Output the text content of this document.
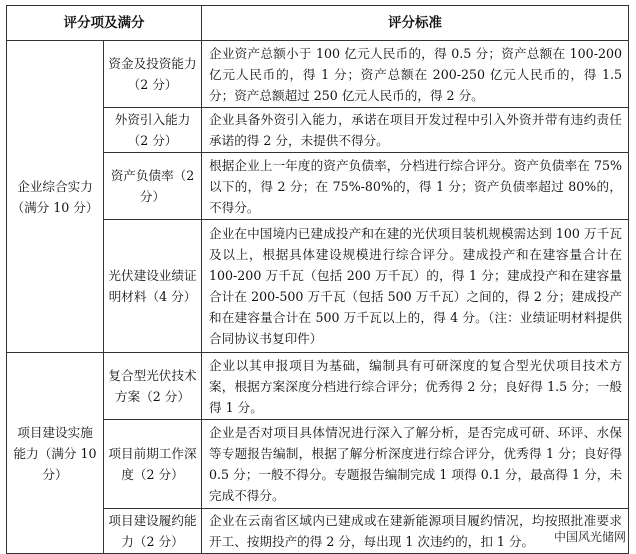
评分项及满分		评分标准
企业综合实力（满分 10 分）	资金及投资能力（2 分）	企业资产总额小于 100 亿元人民币的，得 0.5 分；资产总额在 100-200 亿元人民币的，得 1 分；资产总额在 200-250 亿元人民币的，得 1.5 分；资产总额超过 250 亿元人民币的，得 2 分。
	外资引入能力（2 分）	企业具备外资引入能力，承诺在项目开发过程中引入外资并带有违约责任承诺的得 2 分，未提供不得分。
	资产负债率（2 分）	根据企业上一年度的资产负债率，分档进行综合评分。资产负债率在 75%以下的，得 2 分；在 75%-80%的，得 1 分；资产负债率超过 80%的，不得分。
	光伏建设业绩证明材料（4 分）	企业在中国境内已建成投产和在建的光伏项目装机规模需达到 100 万千瓦及以上，根据具体建设规模进行综合评分。建成投产和在建容量合计在 100-200 万千瓦（包括 200 万千瓦）的，得 1 分；建成投产和在建容量合计在 200-500 万千瓦（包括 500 万千瓦）之间的，得 2 分；建成投产和在建容量合计在 500 万千瓦以上的，得 4 分。（注：业绩证明材料提供合同协议书复印件）
项目建设实施能力（满分 10 分）	复合型光伏技术方案（2 分）	企业以其申报项目为基础，编制具有可研深度的复合型光伏项目技术方案，根据方案深度分档进行综合评分；优秀得 2 分；良好得 1.5 分；一般得 1 分。
	项目前期工作深度（2 分）	企业是否对项目具体情况进行深入了解分析，是否完成可研、环评、水保等专题报告编制，根据了解分析深度进行综合评分，优秀得 1 分；良好得 0.5 分；一般不得分。专题报告编制完成 1 项得 0.1 分，最高得 1 分，未完成不得分。
	项目建设履约能力（2 分）	企业在云南省区域内已建成或在建新能源项目履约情况，均按照批准要求开工、按期投产的得 2 分，每出现 1 次违约的，扣 1 分。 中国风光储网
